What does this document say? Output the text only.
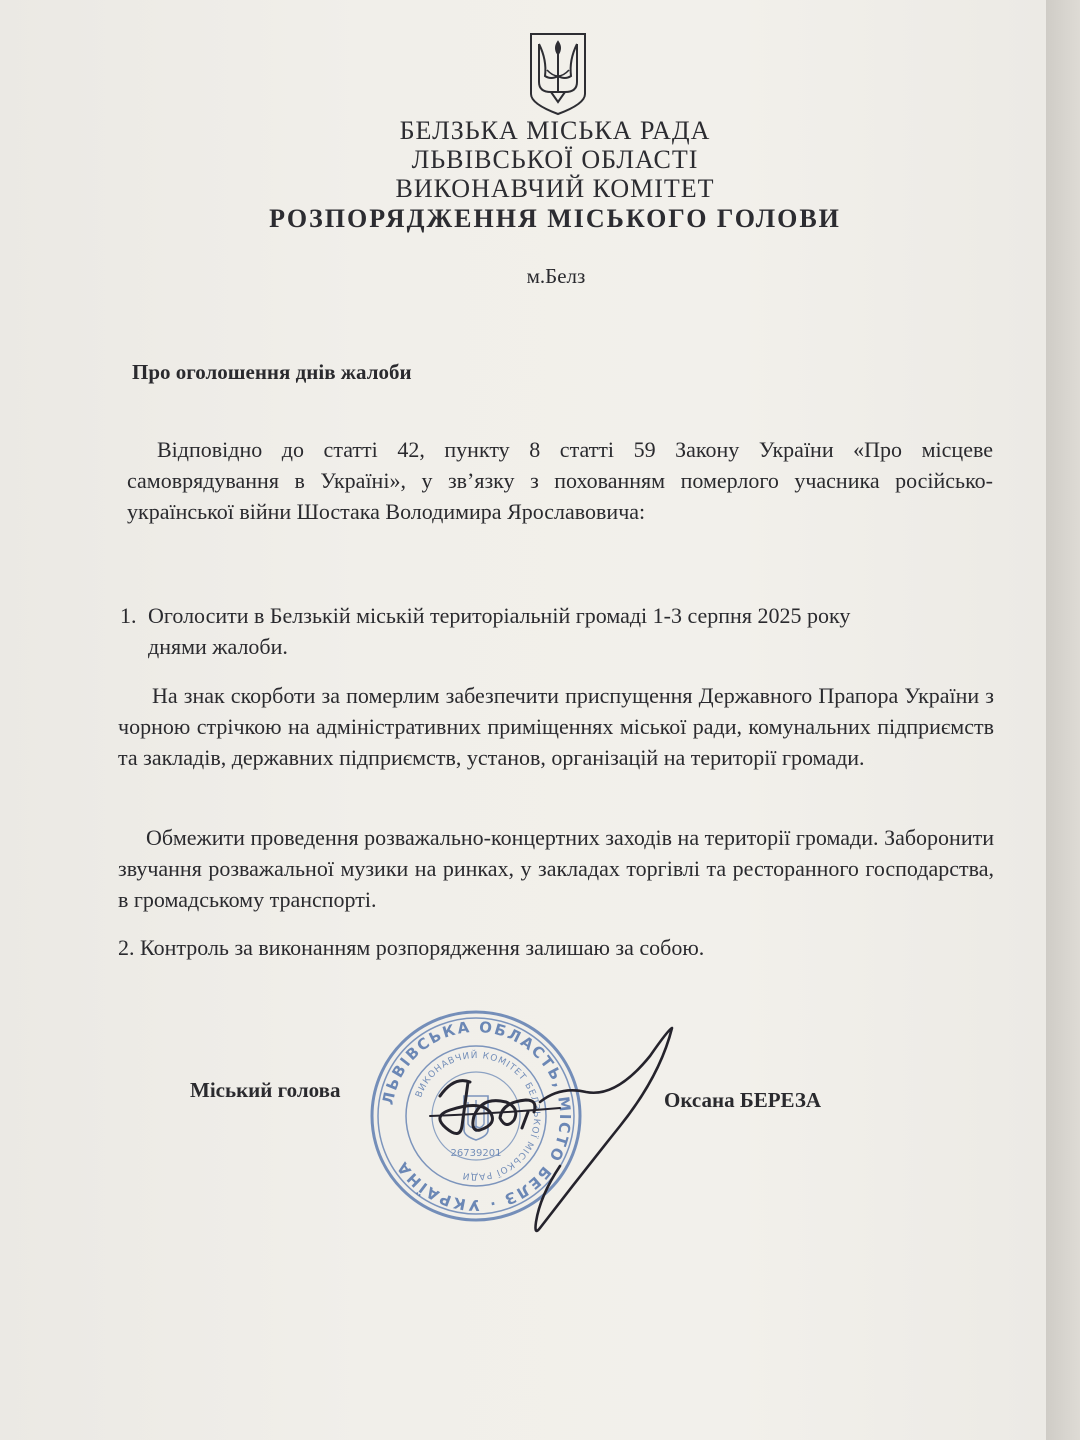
БЕЛЗЬКА МІСЬКА РАДА
ЛЬВІВСЬКОЇ ОБЛАСТІ
ВИКОНАВЧИЙ КОМІТЕТ
РОЗПОРЯДЖЕННЯ МІСЬКОГО ГОЛОВИ
м.Белз
Про оголошення днів жалоби
Відповідно до статті 42, пункту 8 статті 59 Закону України «Про місцеве самоврядування в Україні», у зв’язку з похованням померлого учасника російсько- української війни Шостака Володимира Ярославовича:
1. Оголосити в Белзькій міській територіальній громаді 1-3 серпня 2025 року
днями жалоби.
На знак скорботи за померлим забезпечити приспущення Державного Прапора України з чорною стрічкою на адміністративних приміщеннях міської ради, комунальних підприємств та закладів, державних підприємств, установ, організацій на території громади.
Обмежити проведення розважально-концертних заходів на території громади. Заборонити звучання розважальної музики на ринках, у закладах торгівлі та ресторанного господарства, в громадському транспорті.
2. Контроль за виконанням розпорядження залишаю за собою.
Міський голова	Оксана БЕРЕЗА
ЛЬВІВСЬКА ОБЛАСТЬ, МІСТО БЕЛЗ · УКРАЇНА
ВИКОНАВЧИЙ КОМІТЕТ БЕЛЗЬКОЇ МІСЬКОЇ РАДИ
26739201
